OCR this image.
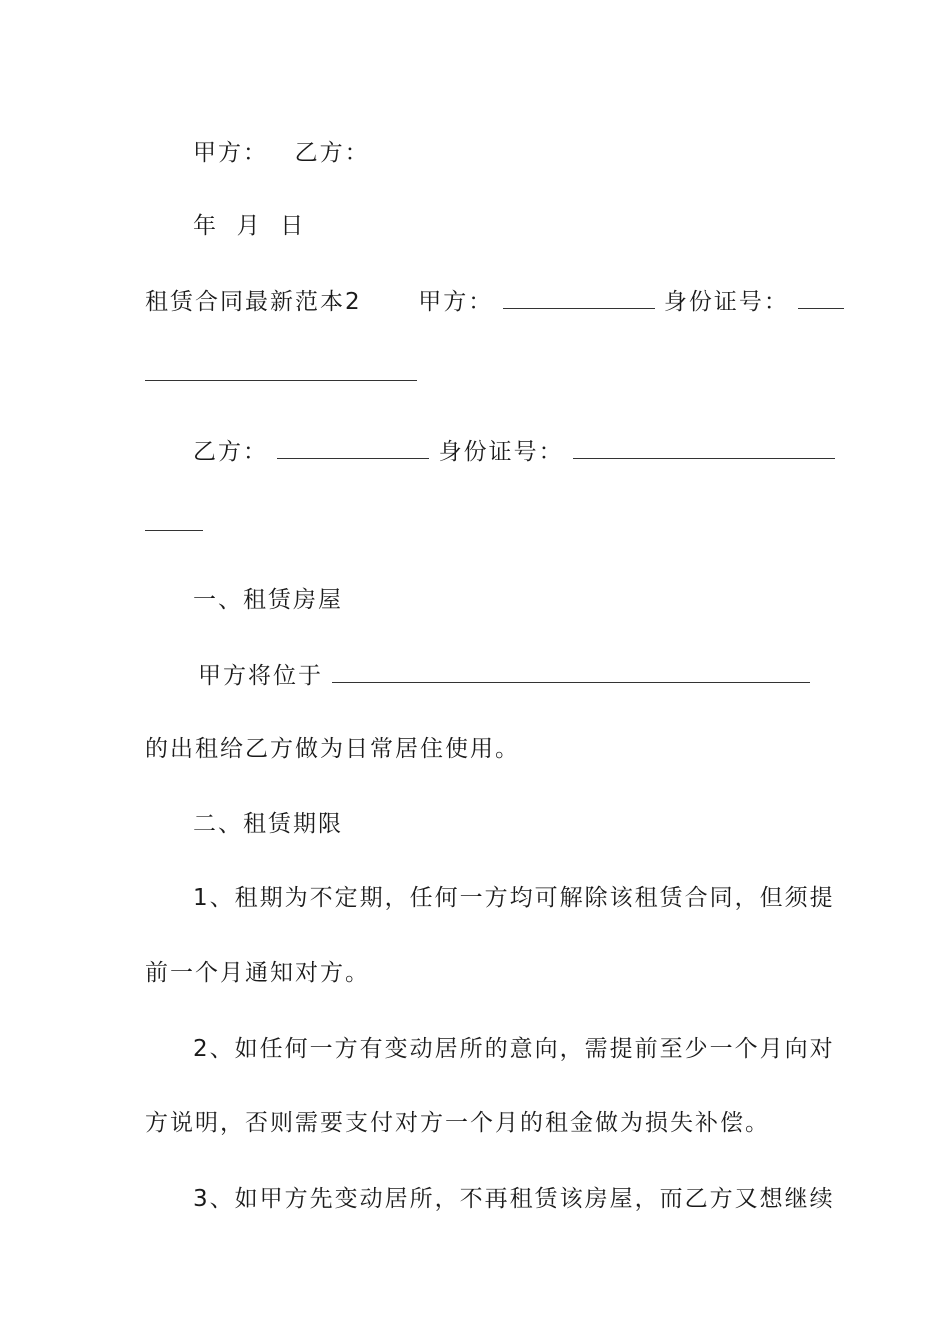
甲方： 乙方：
年  月  日
租赁合同最新范本2 甲方：	身份证号：
乙方：	身份证号：
一、租赁房屋
甲方将位于
的出租给乙方做为日常居住使用。
二、租赁期限
1、租期为不定期，任何一方均可解除该租赁合同，但须提
前一个月通知对方。
2、如任何一方有变动居所的意向，需提前至少一个月向对
方说明，否则需要支付对方一个月的租金做为损失补偿。
3、如甲方先变动居所，不再租赁该房屋，而乙方又想继续
